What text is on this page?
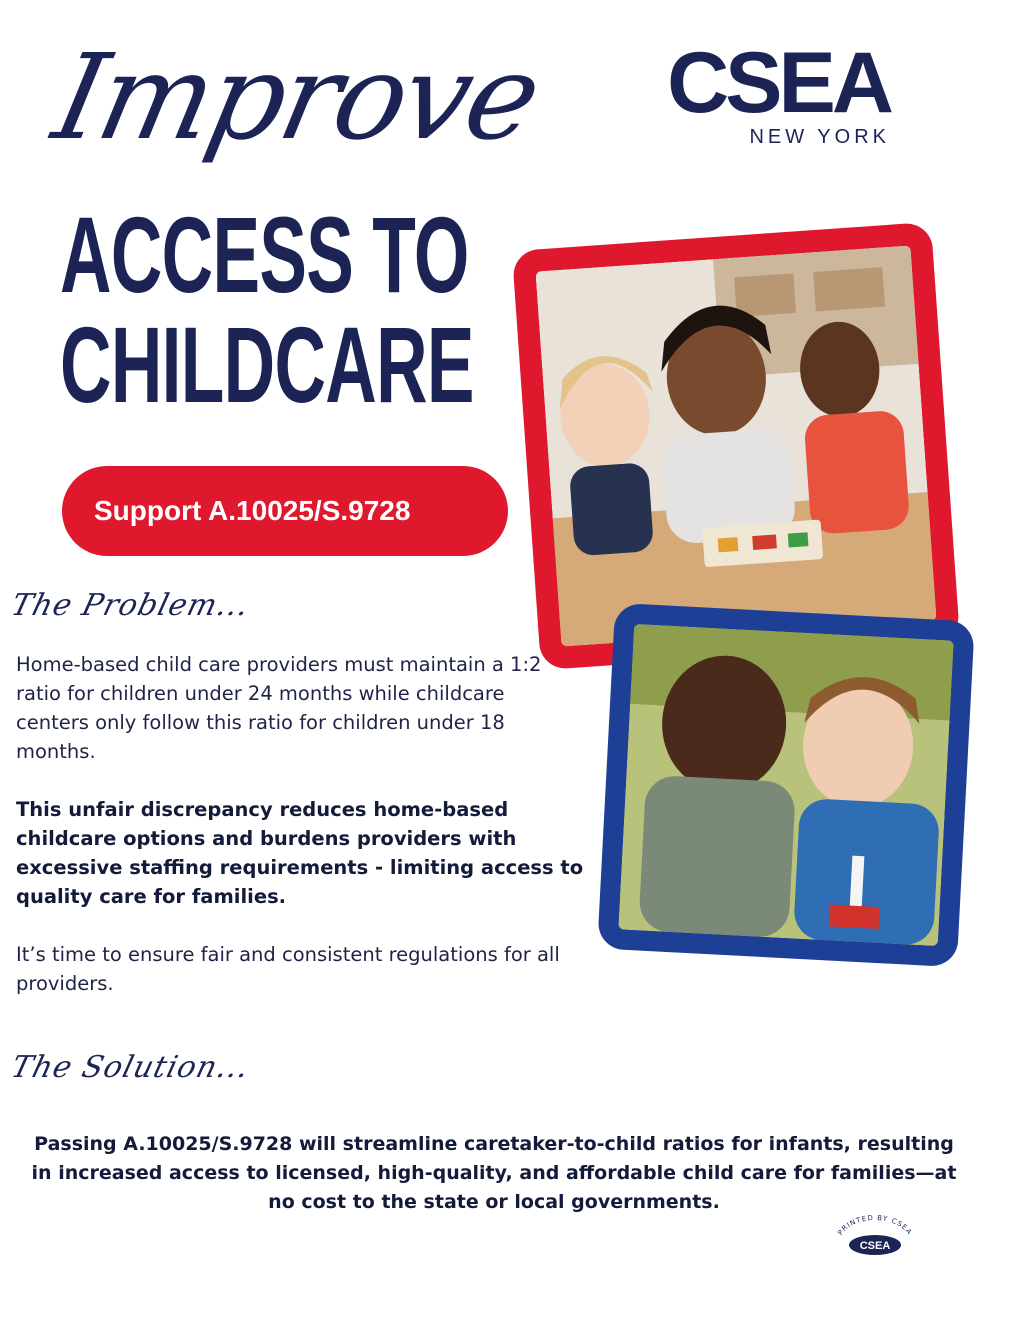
Improve
ACCESS TO
CHILDCARE
CSEA
NEW YORK
Support A.10025/S.9728
The Problem...

Home-based child care providers must maintain a 1:2 ratio for children under 24 months while childcare centers only follow this ratio for children under 18 months.

This unfair discrepancy reduces home-based childcare options and burdens providers with excessive staffing requirements - limiting access to quality care for families.

It’s time to ensure fair and consistent regulations for all providers.

The Solution...

Passing A.10025/S.9728 will streamline caretaker-to-child ratios for infants, resulting in increased access to licensed, high-quality, and affordable child care for families—at no cost to the state or local governments.

PRINTED BY CSEA
CSEA
